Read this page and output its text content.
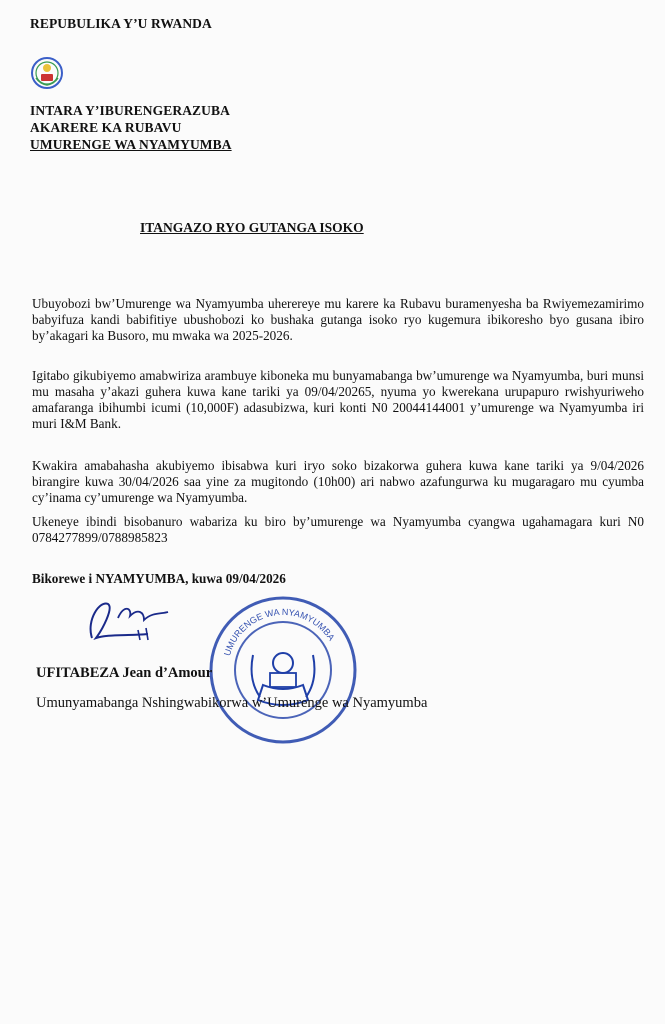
REPUBULIKA Y’U RWANDA
INTARA Y’IBURENGERAZUBA
AKARERE KA RUBAVU
UMURENGE WA NYAMYUMBA
ITANGAZO RYO GUTANGA ISOKO
Ubuyobozi bw’Umurenge wa Nyamyumba uherereye mu karere ka Rubavu buramenyesha ba Rwiyemezamirimo babyifuza kandi babifitiye ubushobozi ko bushaka gutanga isoko ryo kugemura ibikoresho byo gusana ibiro by’akagari ka Busoro, mu mwaka wa 2025-2026.
Igitabo gikubiyemo amabwiriza arambuye kiboneka mu bunyamabanga bw’umurenge wa Nyamyumba, buri munsi mu masaha y’akazi guhera kuwa kane tariki ya 09/04/20265, nyuma yo kwerekana urupapuro rwishyuriweho amafaranga ibihumbi icumi (10,000F) adasubizwa, kuri konti N0 20044144001 y’umurenge wa Nyamyumba iri muri I&M Bank.
Kwakira amabahasha akubiyemo ibisabwa kuri iryo soko bizakorwa guhera kuwa kane tariki ya 9/04/2026 birangire kuwa 30/04/2026 saa yine za mugitondo (10h00) ari nabwo azafungurwa ku mugaragaro mu cyumba cy’inama cy’umurenge wa Nyamyumba.
Ukeneye ibindi bisobanuro wabariza ku biro by’umurenge wa Nyamyumba cyangwa ugahamagara kuri N0 0784277899/0788985823
Bikorewe i NYAMYUMBA, kuwa 09/04/2026
UMURENGE WA NYAMYUMBA
UFITABEZA Jean d’Amour
Umunyamabanga Nshingwabikorwa w’Umurenge wa Nyamyumba
